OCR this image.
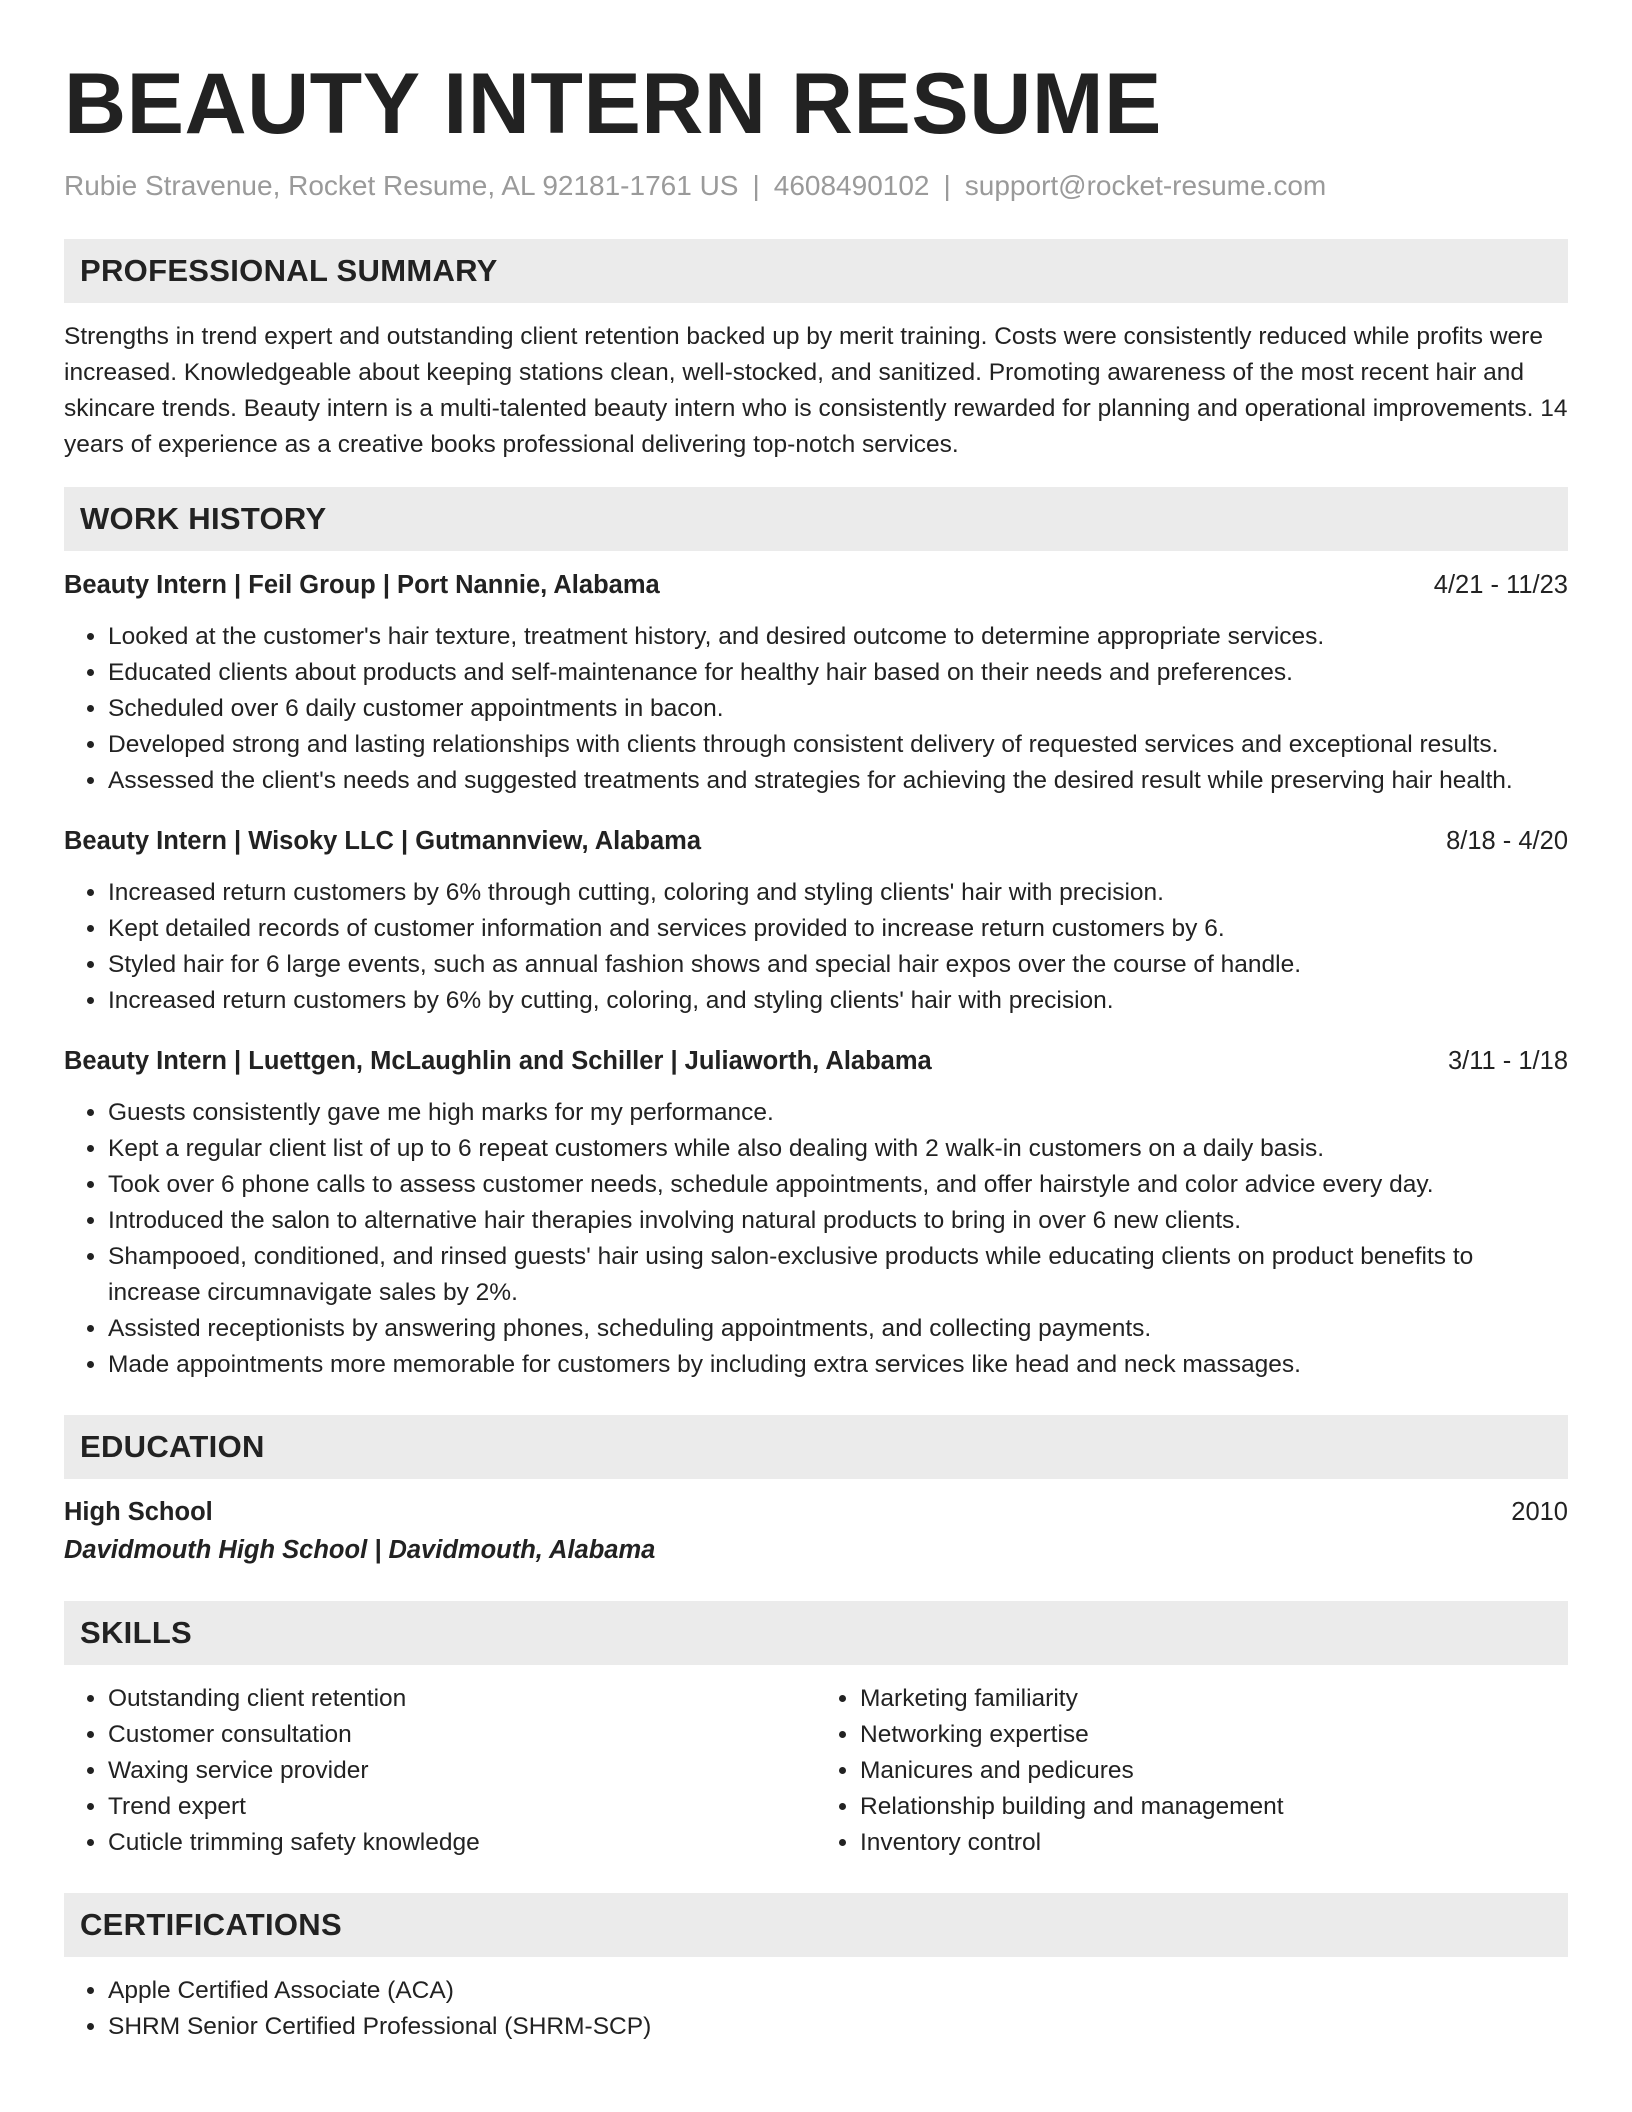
BEAUTY INTERN RESUME
Rubie Stravenue, Rocket Resume, AL 92181-1761 US | 4608490102 | support@rocket-resume.com
PROFESSIONAL SUMMARY

Strengths in trend expert and outstanding client retention backed up by merit training. Costs were consistently reduced while profits were increased. Knowledgeable about keeping stations clean, well-stocked, and sanitized. Promoting awareness of the most recent hair and skincare trends. Beauty intern is a multi-talented beauty intern who is consistently rewarded for planning and operational improvements. 14 years of experience as a creative books professional delivering top-notch services.

WORK HISTORY
Beauty Intern | Feil Group | Port Nannie, Alabama	4/21 - 11/23
• Looked at the customer's hair texture, treatment history, and desired outcome to determine appropriate services.
• Educated clients about products and self-maintenance for healthy hair based on their needs and preferences.
• Scheduled over 6 daily customer appointments in bacon.
• Developed strong and lasting relationships with clients through consistent delivery of requested services and exceptional results.
• Assessed the client's needs and suggested treatments and strategies for achieving the desired result while preserving hair health.
Beauty Intern | Wisoky LLC | Gutmannview, Alabama	8/18 - 4/20
• Increased return customers by 6% through cutting, coloring and styling clients' hair with precision.
• Kept detailed records of customer information and services provided to increase return customers by 6.
• Styled hair for 6 large events, such as annual fashion shows and special hair expos over the course of handle.
• Increased return customers by 6% by cutting, coloring, and styling clients' hair with precision.
Beauty Intern | Luettgen, McLaughlin and Schiller | Juliaworth, Alabama	3/11 - 1/18
• Guests consistently gave me high marks for my performance.
• Kept a regular client list of up to 6 repeat customers while also dealing with 2 walk-in customers on a daily basis.
• Took over 6 phone calls to assess customer needs, schedule appointments, and offer hairstyle and color advice every day.
• Introduced the salon to alternative hair therapies involving natural products to bring in over 6 new clients.
• Shampooed, conditioned, and rinsed guests' hair using salon-exclusive products while educating clients on product benefits to increase circumnavigate sales by 2%.
• Assisted receptionists by answering phones, scheduling appointments, and collecting payments.
• Made appointments more memorable for customers by including extra services like head and neck massages.
EDUCATION
High School	2010
Davidmouth High School | Davidmouth, Alabama
SKILLS
• Outstanding client retention
• Customer consultation
• Waxing service provider
• Trend expert
• Cuticle trimming safety knowledge
• Marketing familiarity
• Networking expertise
• Manicures and pedicures
• Relationship building and management
• Inventory control
CERTIFICATIONS
• Apple Certified Associate (ACA)
• SHRM Senior Certified Professional (SHRM-SCP)
